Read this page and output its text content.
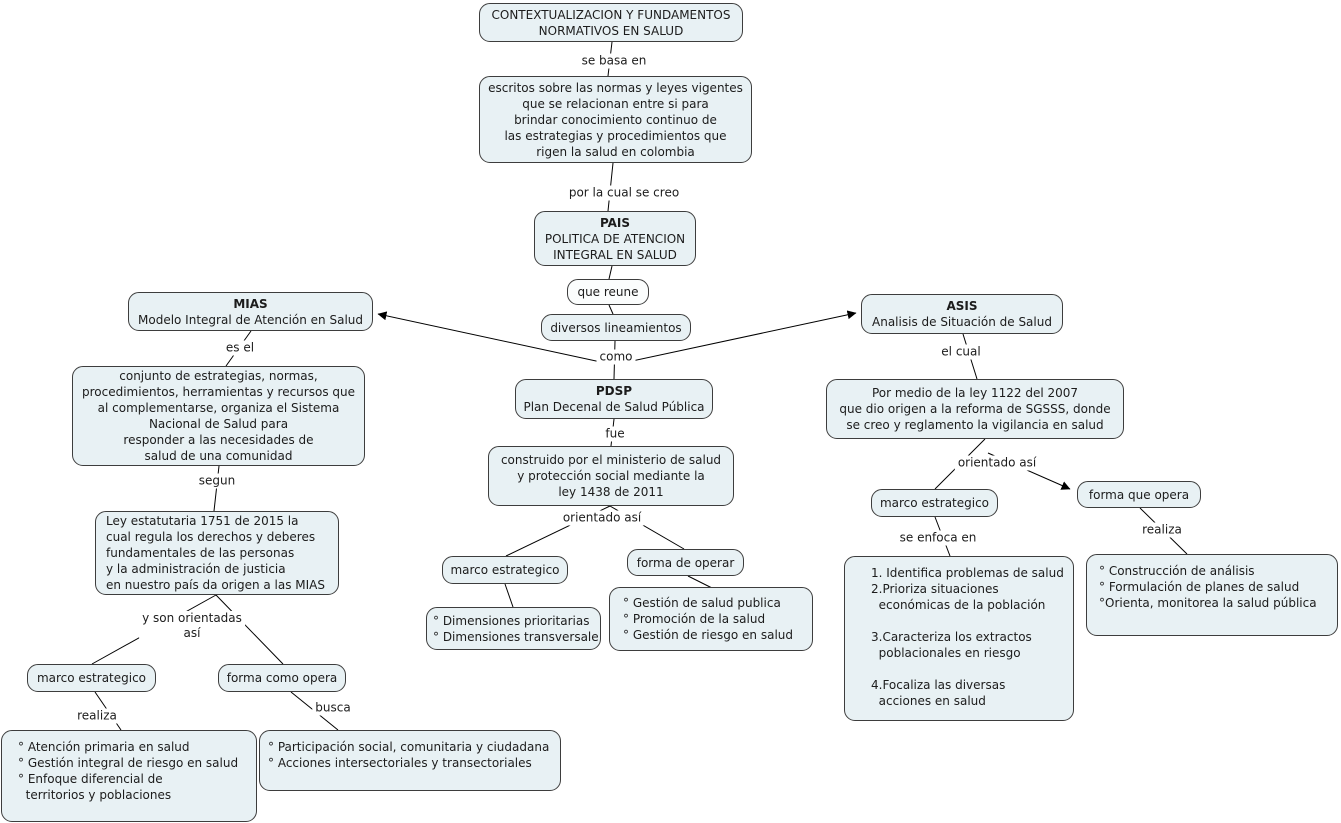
CONTEXTUALIZACION Y FUNDAMENTOS
NORMATIVOS EN SALUD
escritos sobre las normas y leyes vigentes
que se relacionan entre si para
brindar conocimiento continuo de
las estrategias y procedimientos que
rigen la salud en colombia
PAIS
POLITICA DE ATENCION
INTEGRAL EN SALUD
que reune
diversos lineamientos
MIAS
Modelo Integral de Atención en Salud
conjunto de estrategias, normas,
procedimientos, herramientas y recursos que
al complementarse, organiza el Sistema
Nacional de Salud para
responder a las necesidades de
salud de una comunidad
Ley estatutaria 1751 de 2015 la
cual regula los derechos y deberes
fundamentales de las personas
y la administración de justicia
en nuestro país da origen a las MIAS
marco estrategico	forma como opera
° Atención primaria en salud
° Gestión integral de riesgo en salud
° Enfoque diferencial de
territorios y poblaciones
° Participación social, comunitaria y ciudadana
° Acciones intersectoriales y transectoriales
PDSP
Plan Decenal de Salud Pública
construido por el ministerio de salud
y protección social mediante la
ley 1438 de 2011
marco estrategico
forma de operar
° Dimensiones prioritarias
° Dimensiones transversale
° Gestión de salud publica
° Promoción de la salud
° Gestión de riesgo en salud
ASIS
Analisis de Situación de Salud
Por medio de la ley 1122 del 2007
que dio origen a la reforma de SGSSS, donde
se creo y reglamento la vigilancia en salud
marco estrategico
forma que opera
1. Identifica problemas de salud
2.Prioriza situaciones
económicas de la población

3.Caracteriza los extractos
poblacionales en riesgo

4.Focaliza las diversas
acciones en salud
° Construcción de análisis
° Formulación de planes de salud
°Orienta, monitorea la salud pública
se basa en
por la cual se creo
como
es el
segun
y son orientadas
así
realiza
busca
fue
orientado así
el cual
orientado así
se enfoca en
realiza
